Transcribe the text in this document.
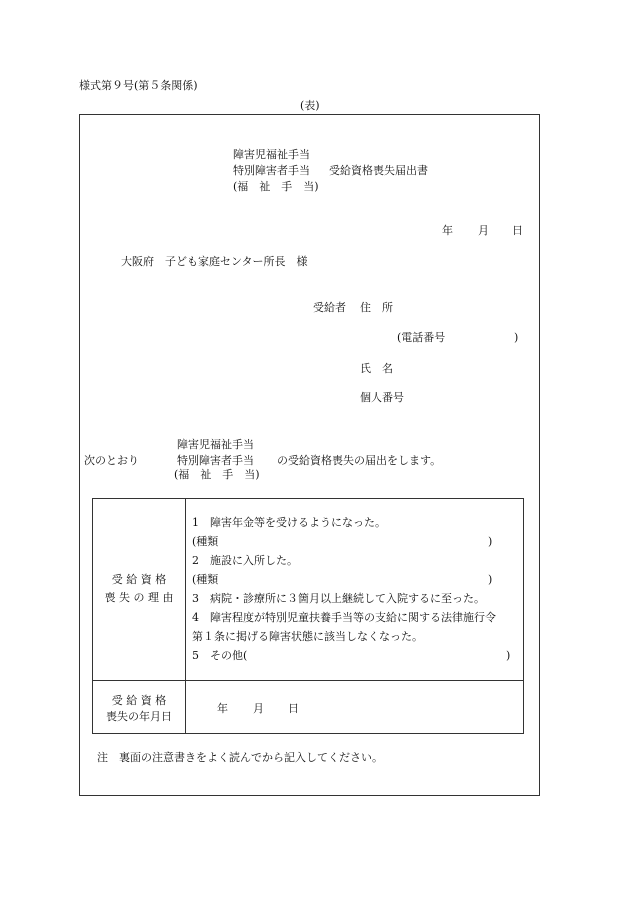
様式第９号(第５条関係)
(表)
障害児福祉手当
特別障害者手当 受給資格喪失届出書
(福　祉　手　当)
年 月 日
大阪府　子ども家庭センター所長　様
受給者 住　所
(電話番号	)
氏　名
個人番号
障害児福祉手当
次のとおり	特別障害者手当 の受給資格喪失の届出をします。
(福　祉　手　当)
受 給 資 格
喪 失 の 理 由
1　障害年金等を受けるようになった。
(種類	)
2　施設に入所した。
(種類	)
3　病院・診療所に３箇月以上継続して入院するに至った。
4　障害程度が特別児童扶養手当等の支給に関する法律施行令
第１条に掲げる障害状態に該当しなくなった。
5　その他(	)
受 給 資 格
喪失の年月日
年 月 日
注　裏面の注意書きをよく読んでから記入してください。
